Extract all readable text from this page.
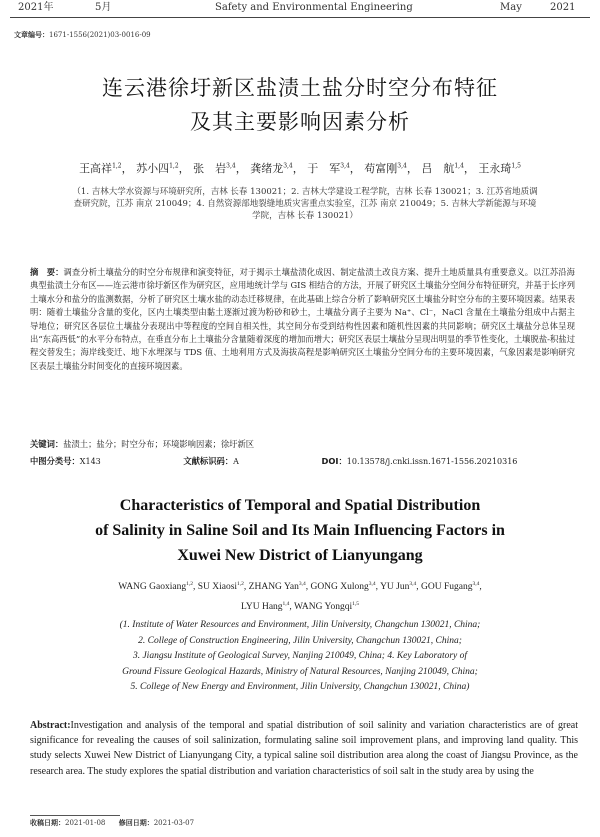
2021年	5月	Safety and Environmental Engineering	May	2021
文章编号：1671-1556(2021)03-0016-09
连云港徐圩新区盐渍土盐分时空分布特征
及其主要影响因素分析
王高祥$^{1,2}$， 苏小四$^{1,2}$， 张　岩$^{3,4}$， 龚绪龙$^{3,4}$， 于　军$^{3,4}$， 苟富刚$^{3,4}$， 吕　航$^{1,4}$， 王永琦$^{1,5}$
（1. 吉林大学水资源与环境研究所，吉林 长春 130021；2. 吉林大学建设工程学院，吉林 长春 130021；3. 江苏省地质调查研究院，江苏 南京 210049；4. 自然资源部地裂缝地质灾害重点实验室，江苏 南京 210049；5. 吉林大学新能源与环境学院，吉林 长春 130021）
摘　要：调查分析土壤盐分的时空分布规律和演变特征，对于揭示土壤盐渍化成因、制定盐渍土改良方案、提升土地质量具有重要意义。以江苏沿海典型盐渍土分布区——连云港市徐圩新区作为研究区，应用地统计学与 GIS 相结合的方法，开展了研究区土壤盐分空间分布特征研究，并基于长序列土壤水分和盐分的监测数据，分析了研究区土壤水盐的动态迁移规律，在此基础上综合分析了影响研究区土壤盐分时空分布的主要环境因素。结果表明：随着土壤盐分含量的变化，区内土壤类型由黏土逐渐过渡为粉砂和砂土，土壤盐分离子主要为 Na⁺、Cl⁻，NaCl 含量在土壤盐分组成中占据主导地位；研究区各层位土壤盐分表现出中等程度的空间自相关性，其空间分布受到结构性因素和随机性因素的共同影响；研究区土壤盐分总体呈现出“东高西低”的水平分布特点，在垂直分布上土壤盐分含量随着深度的增加而增大；研究区表层土壤盐分呈现出明显的季节性变化，土壤脱盐-积盐过程交替发生；海岸线变迁、地下水埋深与 TDS 值、土地利用方式及海拔高程是影响研究区土壤盐分空间分布的主要环境因素，气象因素是影响研究区表层土壤盐分时间变化的直接环境因素。
关键词：盐渍土；盐分；时空分布；环境影响因素；徐圩新区
中图分类号：X143	文献标识码：A	DOI：10.13578/j.cnki.issn.1671-1556.20210316
Characteristics of Temporal and Spatial Distribution
of Salinity in Saline Soil and Its Main Influencing Factors in
Xuwei New District of Lianyungang
WANG Gaoxiang$^{1,2}$, SU Xiaosi$^{1,2}$, ZHANG Yan$^{3,4}$, GONG Xulong$^{3,4}$, YU Jun$^{3,4}$, GOU Fugang$^{3,4}$,
LYU Hang$^{1,4}$, WANG Yongqi$^{1,5}$
(1. Institute of Water Resources and Environment, Jilin University, Changchun 130021, China;
2. College of Construction Engineering, Jilin University, Changchun 130021, China;
3. Jiangsu Institute of Geological Survey, Nanjing 210049, China; 4. Key Laboratory of
Ground Fissure Geological Hazards, Ministry of Natural Resources, Nanjing 210049, China;
5. College of New Energy and Environment, Jilin University, Changchun 130021, China)
Abstract:Investigation and analysis of the temporal and spatial distribution of soil salinity and variation characteristics are of great significance for revealing the causes of soil salinization, formulating saline soil improvement plans, and improving land quality. This study selects Xuwei New District of Lianyungang City, a typical saline soil distribution area along the coast of Jiangsu Province, as the research area. The study explores the spatial distribution and variation characteristics of soil salt in the study area by using the
收稿日期：2021-01-08 修回日期：2021-03-07
